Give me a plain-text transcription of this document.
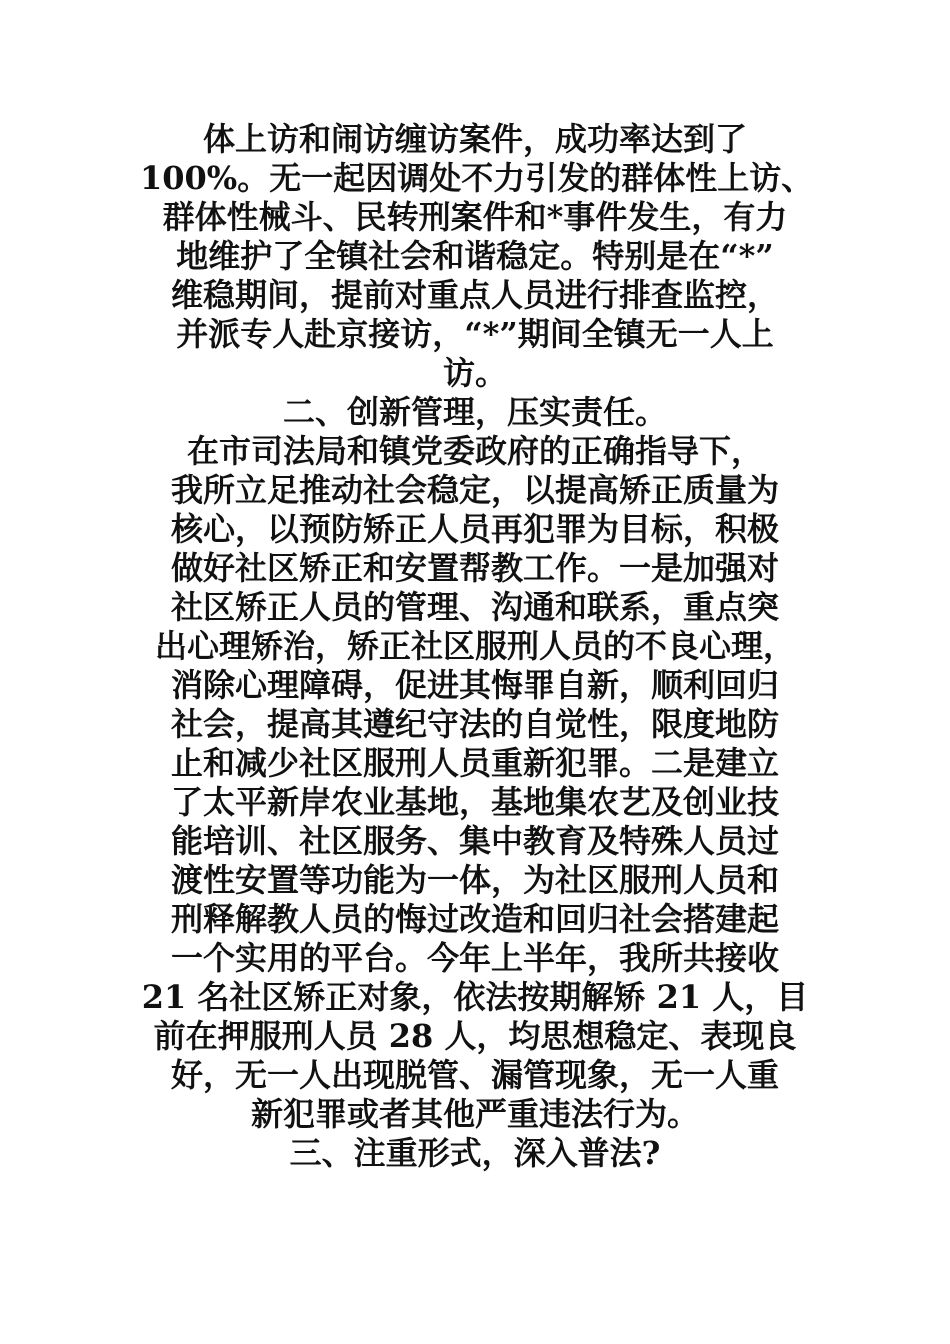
体上访和闹访缠访案件，成功率达到了
100%。无一起因调处不力引发的群体性上访、
群体性械斗、民转刑案件和*事件发生，有力
地维护了全镇社会和谐稳定。特别是在“*”
维稳期间，提前对重点人员进行排查监控，
并派专人赴京接访，“*”期间全镇无一人上
访。
二、创新管理，压实责任。
在市司法局和镇党委政府的正确指导下，
我所立足推动社会稳定，以提高矫正质量为
核心，以预防矫正人员再犯罪为目标，积极
做好社区矫正和安置帮教工作。一是加强对
社区矫正人员的管理、沟通和联系，重点突
出心理矫治，矫正社区服刑人员的不良心理，
消除心理障碍，促进其悔罪自新，顺利回归
社会，提高其遵纪守法的自觉性，限度地防
止和减少社区服刑人员重新犯罪。二是建立
了太平新岸农业基地，基地集农艺及创业技
能培训、社区服务、集中教育及特殊人员过
渡性安置等功能为一体，为社区服刑人员和
刑释解教人员的悔过改造和回归社会搭建起
一个实用的平台。今年上半年，我所共接收
21 名社区矫正对象，依法按期解矫 21 人，目
前在押服刑人员 28 人，均思想稳定、表现良
好，无一人出现脱管、漏管现象，无一人重
新犯罪或者其他严重违法行为。
三、注重形式，深入普法?
